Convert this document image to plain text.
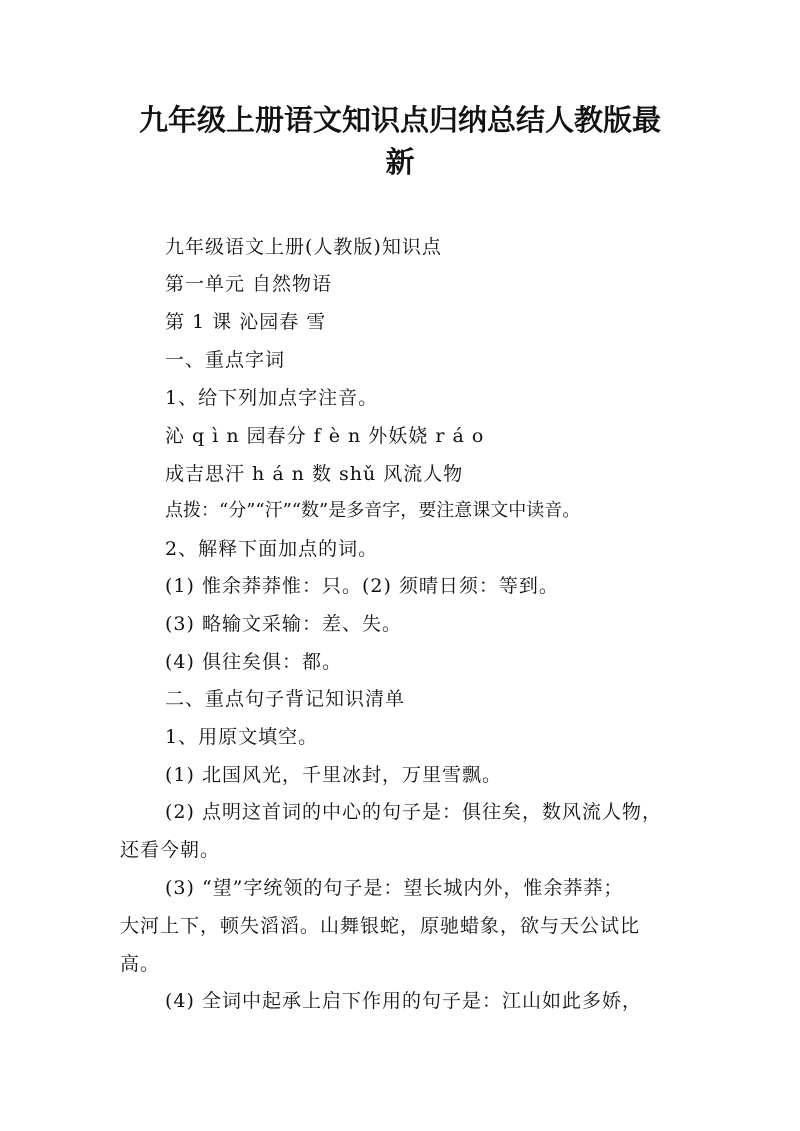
九年级上册语文知识点归纳总结人教版最
新
九年级语文上册(人教版)知识点
第一单元 自然物语
第 1 课 沁园春 雪
一、重点字词
1、给下列加点字注音。
沁 q ì n 园春分 f è n 外妖娆 r á o
成吉思汗 h á n 数 shǔ 风流人物
点拨：“分”“汗”“数”是多音字，要注意课文中读音。
2、解释下面加点的词。
(1) 惟余莽莽惟：只。(2) 须晴日须：等到。
(3) 略输文采输：差、失。
(4) 俱往矣俱：都。
二、重点句子背记知识清单
1、用原文填空。
(1) 北国风光，千里冰封，万里雪飘。
(2) 点明这首词的中心的句子是：俱往矣，数风流人物，
还看今朝。
(3) “望”字统领的句子是：望长城内外，惟余莽莽；
大河上下，顿失滔滔。山舞银蛇，原驰蜡象，欲与天公试比
高。
(4) 全词中起承上启下作用的句子是：江山如此多娇，
